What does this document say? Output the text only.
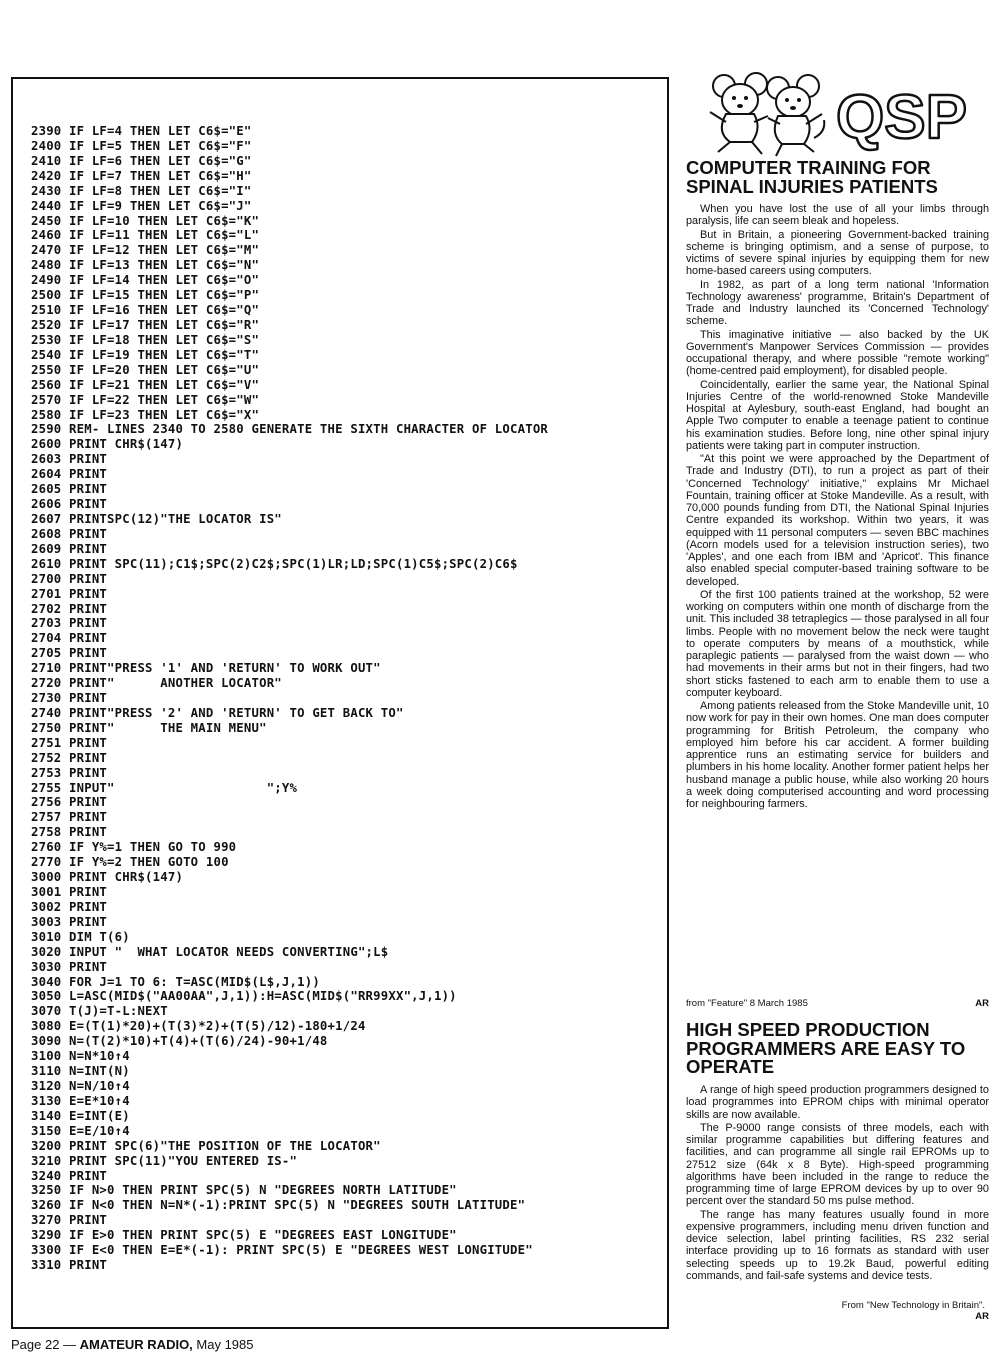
2390 IF LF=4 THEN LET C6$="E"
2400 IF LF=5 THEN LET C6$="F"
2410 IF LF=6 THEN LET C6$="G"
2420 IF LF=7 THEN LET C6$="H"
2430 IF LF=8 THEN LET C6$="I"
2440 IF LF=9 THEN LET C6$="J"
2450 IF LF=10 THEN LET C6$="K"
2460 IF LF=11 THEN LET C6$="L"
2470 IF LF=12 THEN LET C6$="M"
2480 IF LF=13 THEN LET C6$="N"
2490 IF LF=14 THEN LET C6$="O"
2500 IF LF=15 THEN LET C6$="P"
2510 IF LF=16 THEN LET C6$="Q"
2520 IF LF=17 THEN LET C6$="R"
2530 IF LF=18 THEN LET C6$="S"
2540 IF LF=19 THEN LET C6$="T"
2550 IF LF=20 THEN LET C6$="U"
2560 IF LF=21 THEN LET C6$="V"
2570 IF LF=22 THEN LET C6$="W"
2580 IF LF=23 THEN LET C6$="X"
2590 REM- LINES 2340 TO 2580 GENERATE THE SIXTH CHARACTER OF LOCATOR
2600 PRINT CHR$(147)
2603 PRINT
2604 PRINT
2605 PRINT
2606 PRINT
2607 PRINTSPC(12)"THE LOCATOR IS"
2608 PRINT
2609 PRINT
2610 PRINT SPC(11);C1$;SPC(2)C2$;SPC(1)LR;LD;SPC(1)C5$;SPC(2)C6$
2700 PRINT
2701 PRINT
2702 PRINT
2703 PRINT
2704 PRINT
2705 PRINT
2710 PRINT"PRESS '1' AND 'RETURN' TO WORK OUT"
2720 PRINT"      ANOTHER LOCATOR"
2730 PRINT
2740 PRINT"PRESS '2' AND 'RETURN' TO GET BACK TO"
2750 PRINT"      THE MAIN MENU"
2751 PRINT
2752 PRINT
2753 PRINT
2755 INPUT"                    ";Y%
2756 PRINT
2757 PRINT
2758 PRINT
2760 IF Y%=1 THEN GO TO 990
2770 IF Y%=2 THEN GOTO 100
3000 PRINT CHR$(147)
3001 PRINT
3002 PRINT
3003 PRINT
3010 DIM T(6)
3020 INPUT "  WHAT LOCATOR NEEDS CONVERTING";L$
3030 PRINT
3040 FOR J=1 TO 6: T=ASC(MID$(L$,J,1))
3050 L=ASC(MID$("AA00AA",J,1)):H=ASC(MID$("RR99XX",J,1))
3070 T(J)=T-L:NEXT
3080 E=(T(1)*20)+(T(3)*2)+(T(5)/12)-180+1/24
3090 N=(T(2)*10)+T(4)+(T(6)/24)-90+1/48
3100 N=N*10↑4
3110 N=INT(N)
3120 N=N/10↑4
3130 E=E*10↑4
3140 E=INT(E)
3150 E=E/10↑4
3200 PRINT SPC(6)"THE POSITION OF THE LOCATOR"
3210 PRINT SPC(11)"YOU ENTERED IS-"
3240 PRINT
3250 IF N>0 THEN PRINT SPC(5) N "DEGREES NORTH LATITUDE"
3260 IF N<0 THEN N=N*(-1):PRINT SPC(5) N "DEGREES SOUTH LATITUDE"
3270 PRINT
3290 IF E>0 THEN PRINT SPC(5) E "DEGREES EAST LONGITUDE"
3300 IF E<0 THEN E=E*(-1): PRINT SPC(5) E "DEGREES WEST LONGITUDE"
3310 PRINT
QSP
COMPUTER TRAINING FOR
SPINAL INJURIES PATIENTS

When you have lost the use of all your limbs through paralysis, life can seem bleak and hopeless.

But in Britain, a pioneering Government-backed training scheme is bringing optimism, and a sense of purpose, to victims of severe spinal injuries by equipping them for new home-based careers using computers.

In 1982, as part of a long term national 'Information Technology awareness' programme, Britain's Department of Trade and Industry launched its 'Concerned Technology' scheme.

This imaginative initiative — also backed by the UK Government's Manpower Services Commission — provides occupational therapy, and where possible "remote working" (home-centred paid employment), for disabled people.

Coincidentally, earlier the same year, the National Spinal Injuries Centre of the world-renowned Stoke Mandeville Hospital at Aylesbury, south-east England, had bought an Apple Two computer to enable a teenage patient to continue his examination studies. Before long, nine other spinal injury patients were taking part in computer instruction.

"At this point we were approached by the Department of Trade and Industry (DTI), to run a project as part of their 'Concerned Technology' initiative," explains Mr Michael Fountain, training officer at Stoke Mandeville. As a result, with 70,000 pounds funding from DTI, the National Spinal Injuries Centre expanded its workshop. Within two years, it was equipped with 11 personal computers — seven BBC machines (Acorn models used for a television instruction series), two 'Apples', and one each from IBM and 'Apricot'. This finance also enabled special computer-based training software to be developed.

Of the first 100 patients trained at the workshop, 52 were working on computers within one month of discharge from the unit. This included 38 tetraplegics — those paralysed in all four limbs. People with no movement below the neck were taught to operate computers by means of a mouthstick, while paraplegic patients — paralysed from the waist down — who had movements in their arms but not in their fingers, had two short sticks fastened to each arm to enable them to use a computer keyboard.

Among patients released from the Stoke Mandeville unit, 10 now work for pay in their own homes. One man does computer programming for British Petroleum, the company who employed him before his car accident. A former building apprentice runs an estimating service for builders and plumbers in his home locality. Another former patient helps her husband manage a public house, while also working 20 hours a week doing computerised accounting and word processing for neighbouring farmers.

from "Feature" 8 March 1985	AR
HIGH SPEED PRODUCTION
PROGRAMMERS ARE EASY TO
OPERATE

A range of high speed production programmers designed to load programmes into EPROM chips with minimal operator skills are now available.

The P-9000 range consists of three models, each with similar programme capabilities but differing features and facilities, and can programme all single rail EPROMs up to 27512 size (64k x 8 Byte). High-speed programming algorithms have been included in the range to reduce the programming time of large EPROM devices by up to over 90 percent over the standard 50 ms pulse method.

The range has many features usually found in more expensive programmers, including menu driven function and device selection, label printing facilities, RS 232 serial interface providing up to 16 formats as standard with user selecting speeds up to 19.2k Baud, powerful editing commands, and fail-safe systems and device tests.

From "New Technology in Britain".
AR
Page 22 — AMATEUR RADIO, May 1985
